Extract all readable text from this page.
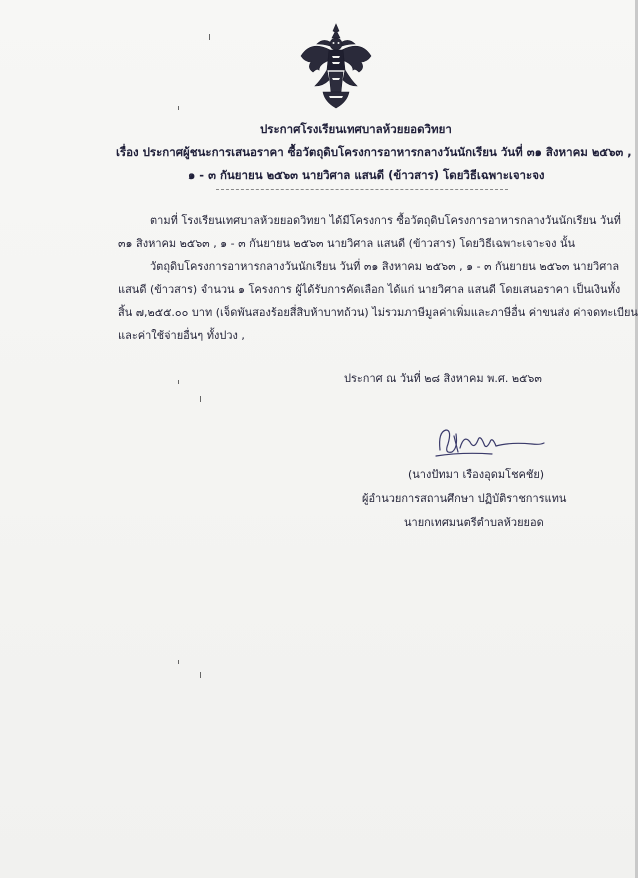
ประกาศโรงเรียนเทศบาลห้วยยอดวิทยา
เรื่อง ประกาศผู้ชนะการเสนอราคา ซื้อวัตถุดิบโครงการอาหารกลางวันนักเรียน วันที่ ๓๑ สิงหาคม ๒๕๖๓ ,
๑ - ๓ กันยายน ๒๕๖๓ นายวิศาล แสนดี (ข้าวสาร) โดยวิธีเฉพาะเจาะจง
ตามที่ โรงเรียนเทศบาลห้วยยอดวิทยา ได้มีโครงการ ซื้อวัตถุดิบโครงการอาหารกลางวันนักเรียน วันที่
๓๑ สิงหาคม ๒๕๖๓ , ๑ - ๓ กันยายน ๒๕๖๓ นายวิศาล แสนดี (ข้าวสาร) โดยวิธีเฉพาะเจาะจง นั้น
วัตถุดิบโครงการอาหารกลางวันนักเรียน วันที่ ๓๑ สิงหาคม ๒๕๖๓ , ๑ - ๓ กันยายน ๒๕๖๓ นายวิศาล
แสนดี (ข้าวสาร) จำนวน ๑ โครงการ ผู้ได้รับการคัดเลือก ได้แก่ นายวิศาล แสนดี โดยเสนอราคา เป็นเงินทั้ง
สิ้น ๗,๒๕๕.๐๐ บาท (เจ็ดพันสองร้อยสี่สิบห้าบาทถ้วน) ไม่รวมภาษีมูลค่าเพิ่มและภาษีอื่น ค่าขนส่ง ค่าจดทะเบียน
และค่าใช้จ่ายอื่นๆ ทั้งปวง ,
ประกาศ ณ วันที่ ๒๘ สิงหาคม พ.ศ. ๒๕๖๓
(นางปัทมา เรืองอุดมโชคชัย)
ผู้อำนวยการสถานศึกษา ปฏิบัติราชการแทน
นายกเทศมนตรีตำบลห้วยยอด
